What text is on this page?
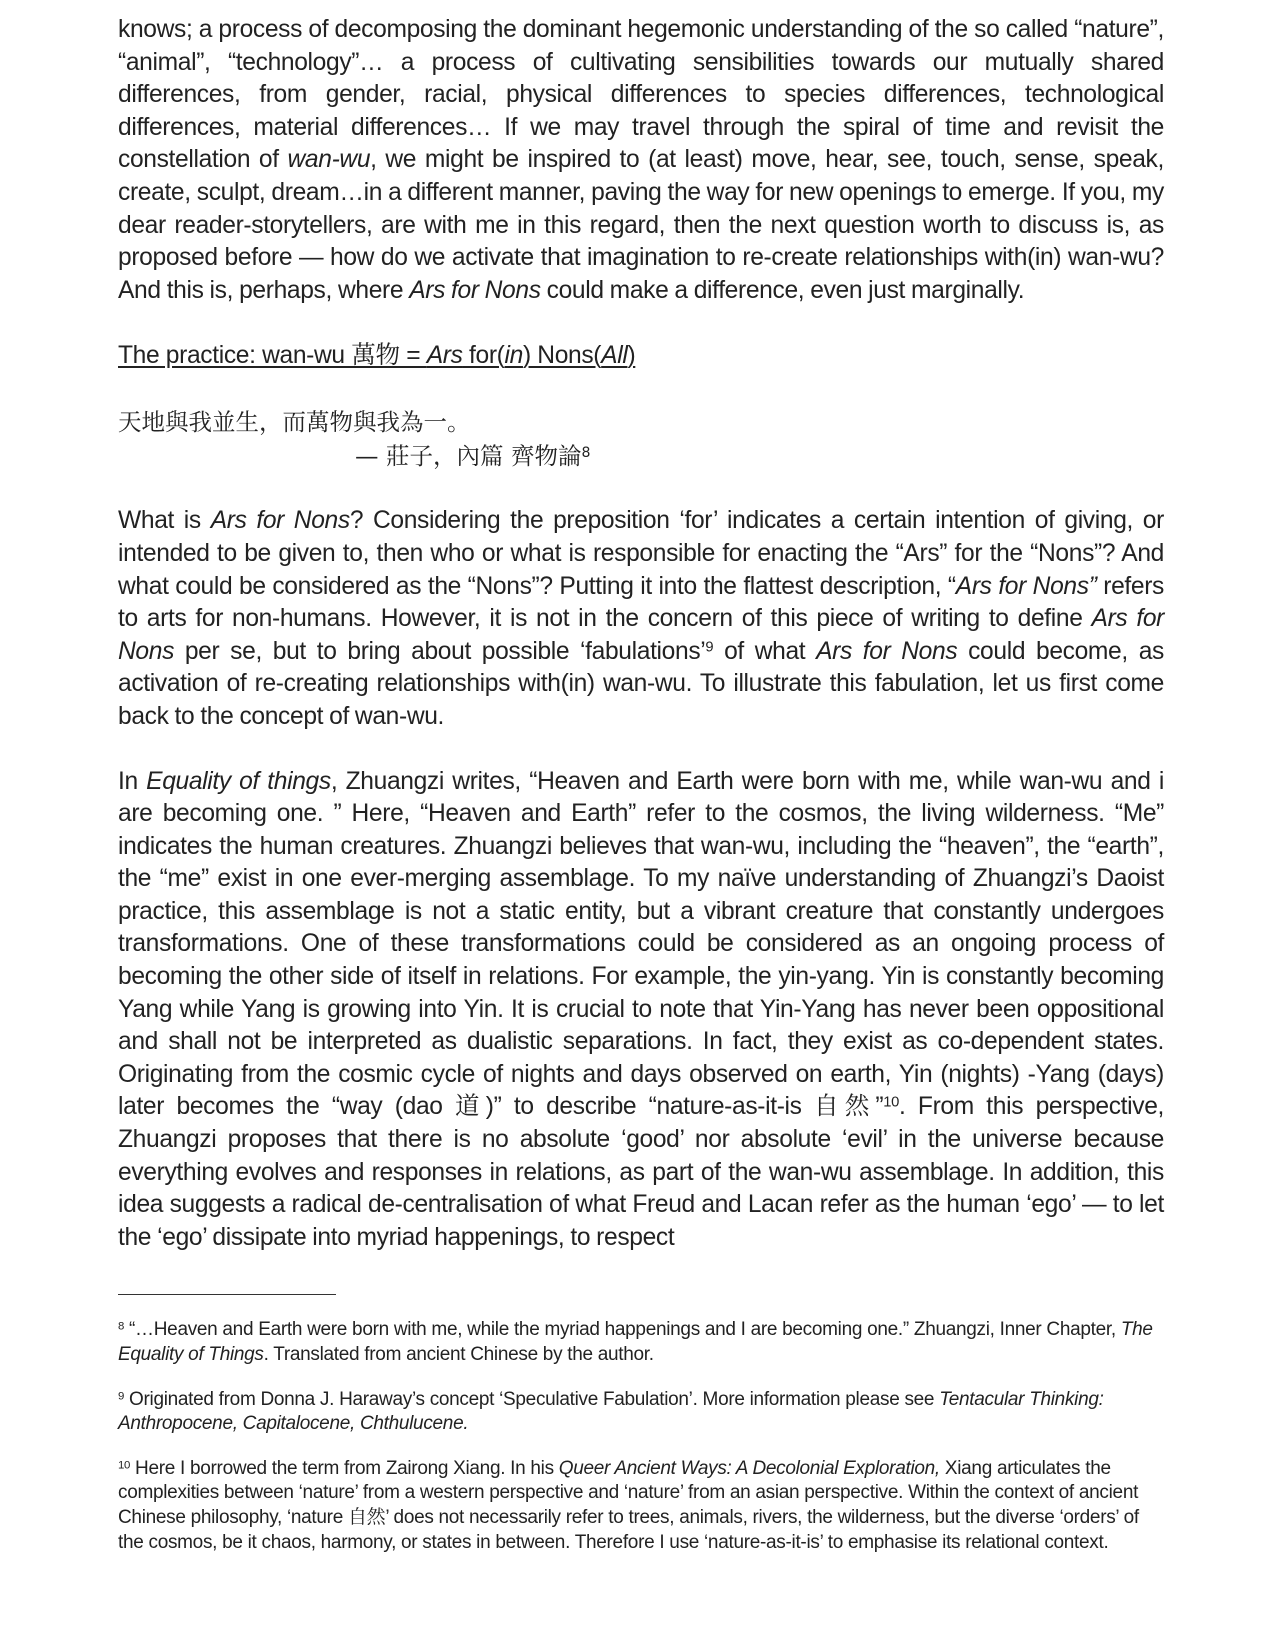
knows; a process of decomposing the dominant hegemonic understanding of the so called “nature”, “animal”, “technology”… a process of cultivating sensibilities towards our mutually shared differences, from gender, racial, physical differences to species differences, technological differences, material differences… If we may travel through the spiral of time and revisit the constellation of wan-wu, we might be inspired to (at least) move, hear, see, touch, sense, speak, create, sculpt, dream…in a different manner, paving the way for new openings to emerge. If you, my dear reader-storytellers, are with me in this regard, then the next question worth to discuss is, as proposed before — how do we activate that imagination to re-create relationships with(in) wan-wu? And this is, perhaps, where Ars for Nons could make a difference, even just marginally.

The practice: wan-wu 萬物 = Ars for(in) Nons(All)
天地與我並生，而萬物與我為一。
— 莊子，內篇 齊物論$^8$

What is Ars for Nons? Considering the preposition ‘for’ indicates a certain intention of giving, or intended to be given to, then who or what is responsible for enacting the “Ars” for the “Nons”? And what could be considered as the “Nons”? Putting it into the flattest description, “Ars for Nons” refers to arts for non-humans. However, it is not in the concern of this piece of writing to define Ars for Nons per se, but to bring about possible ‘fabulations’$^9$ of what Ars for Nons could become, as activation of re-creating relationships with(in) wan-wu. To illustrate this fabulation, let us first come back to the concept of wan-wu.

In Equality of things, Zhuangzi writes, “Heaven and Earth were born with me, while wan-wu and i are becoming one. ” Here, “Heaven and Earth” refer to the cosmos, the living wilderness. “Me” indicates the human creatures. Zhuangzi believes that wan-wu, including the “heaven”, the “earth”, the “me” exist in one ever-merging assemblage. To my naïve understanding of Zhuangzi’s Daoist practice, this assemblage is not a static entity, but a vibrant creature that constantly undergoes transformations. One of these transformations could be considered as an ongoing process of becoming the other side of itself in relations. For example, the yin-yang. Yin is constantly becoming Yang while Yang is growing into Yin. It is crucial to note that Yin-Yang has never been oppositional and shall not be interpreted as dualistic separations. In fact, they exist as co-dependent states. Originating from the cosmic cycle of nights and days observed on earth, Yin (nights) -Yang (days) later becomes the “way (dao 道)” to describe “nature-as-it-is 自然”$^{10}$. From this perspective, Zhuangzi proposes that there is no absolute ‘good’ nor absolute ‘evil’ in the universe because everything evolves and responses in relations, as part of the wan-wu assemblage. In addition, this idea suggests a radical de-centralisation of what Freud and Lacan refer as the human ‘ego’ — to let the ‘ego’ dissipate into myriad happenings, to respect

$^8$ “…Heaven and Earth were born with me, while the myriad happenings and I are becoming one.” Zhuangzi, Inner Chapter, The Equality of Things. Translated from ancient Chinese by the author.

$^9$ Originated from Donna J. Haraway’s concept ‘Speculative Fabulation’. More information please see Tentacular Thinking: Anthropocene, Capitalocene, Chthulucene.

$^{10}$ Here I borrowed the term from Zairong Xiang. In his Queer Ancient Ways: A Decolonial Exploration, Xiang articulates the complexities between ‘nature’ from a western perspective and ‘nature’ from an asian perspective. Within the context of ancient Chinese philosophy, ‘nature 自然’ does not necessarily refer to trees, animals, rivers, the wilderness, but the diverse ‘orders’ of the cosmos, be it chaos, harmony, or states in between. Therefore I use ‘nature-as-it-is’ to emphasise its relational context.
